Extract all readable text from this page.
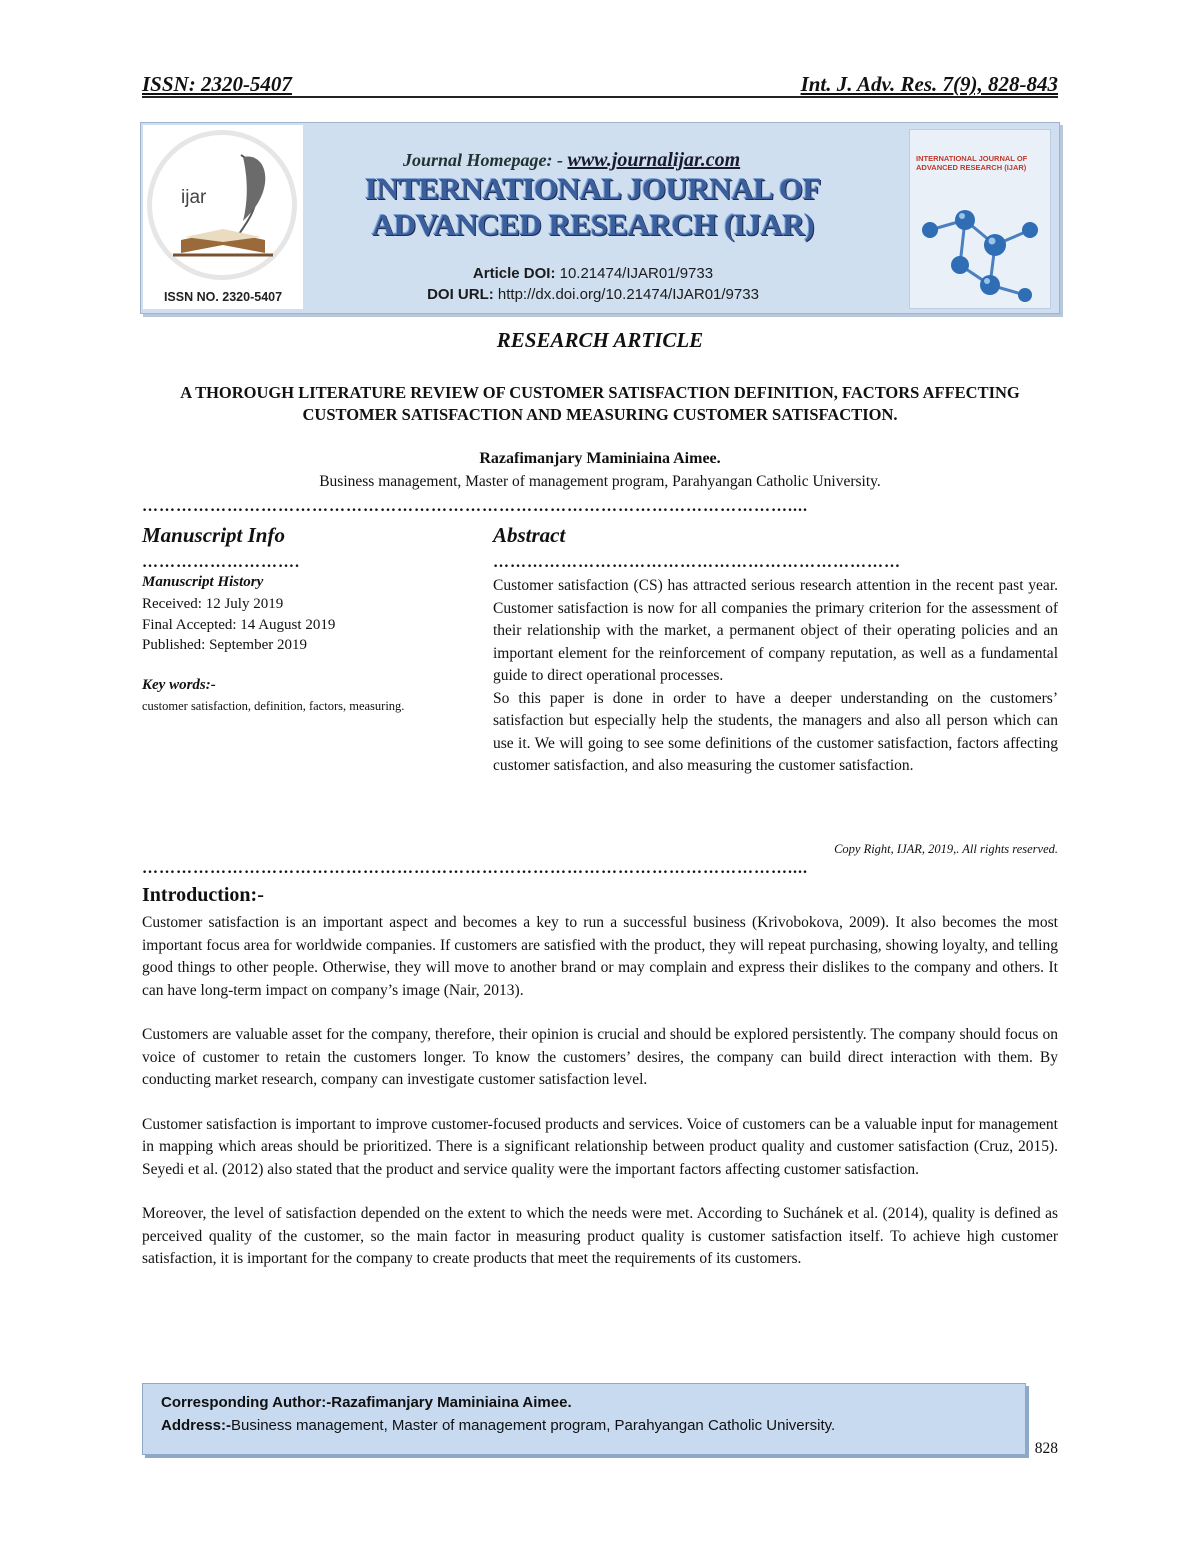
ISSN: 2320-5407	Int. J. Adv. Res. 7(9), 828-843
ijar
ISSN NO. 2320-5407
Journal Homepage: - www.journalijar.com
INTERNATIONAL JOURNAL OF ADVANCED RESEARCH (IJAR)
Article DOI: 10.21474/IJAR01/9733
DOI URL: http://dx.doi.org/10.21474/IJAR01/9733
INTERNATIONAL JOURNAL OF ADVANCED RESEARCH (IJAR)
RESEARCH ARTICLE
A THOROUGH LITERATURE REVIEW OF CUSTOMER SATISFACTION DEFINITION, FACTORS AFFECTING CUSTOMER SATISFACTION AND MEASURING CUSTOMER SATISFACTION.
Razafimanjary Maminiaina Aimee.
Business management, Master of management program, Parahyangan Catholic University.
……………………………………………………………………………………………………....
Manuscript Info
……………………….
Manuscript History
Received: 12 July 2019
Final Accepted: 14 August 2019
Published: September 2019
Key words:-
customer satisfaction, definition, factors, measuring.
Abstract
………………………………………………………………

Customer satisfaction (CS) has attracted serious research attention in the recent past year. Customer satisfaction is now for all companies the primary criterion for the assessment of their relationship with the market, a permanent object of their operating policies and an important element for the reinforcement of company reputation, as well as a fundamental guide to direct operational processes.

So this paper is done in order to have a deeper understanding on the customers’ satisfaction but especially help the students, the managers and also all person which can use it. We will going to see some definitions of the customer satisfaction, factors affecting customer satisfaction, and also measuring the customer satisfaction.

Copy Right, IJAR, 2019,. All rights reserved.
……………………………………………………………………………………………………....
Introduction:-

Customer satisfaction is an important aspect and becomes a key to run a successful business (Krivobokova, 2009). It also becomes the most important focus area for worldwide companies. If customers are satisfied with the product, they will repeat purchasing, showing loyalty, and telling good things to other people. Otherwise, they will move to another brand or may complain and express their dislikes to the company and others. It can have long-term impact on company’s image (Nair, 2013).

Customers are valuable asset for the company, therefore, their opinion is crucial and should be explored persistently. The company should focus on voice of customer to retain the customers longer. To know the customers’ desires, the company can build direct interaction with them. By conducting market research, company can investigate customer satisfaction level.

Customer satisfaction is important to improve customer-focused products and services. Voice of customers can be a valuable input for management in mapping which areas should be prioritized. There is a significant relationship between product quality and customer satisfaction (Cruz, 2015). Seyedi et al. (2012) also stated that the product and service quality were the important factors affecting customer satisfaction.

Moreover, the level of satisfaction depended on the extent to which the needs were met. According to Suchánek et al. (2014), quality is defined as perceived quality of the customer, so the main factor in measuring product quality is customer satisfaction itself. To achieve high customer satisfaction, it is important for the company to create products that meet the requirements of its customers.

Corresponding Author:-Razafimanjary Maminiaina Aimee.
Address:-Business management, Master of management program, Parahyangan Catholic University.
828
